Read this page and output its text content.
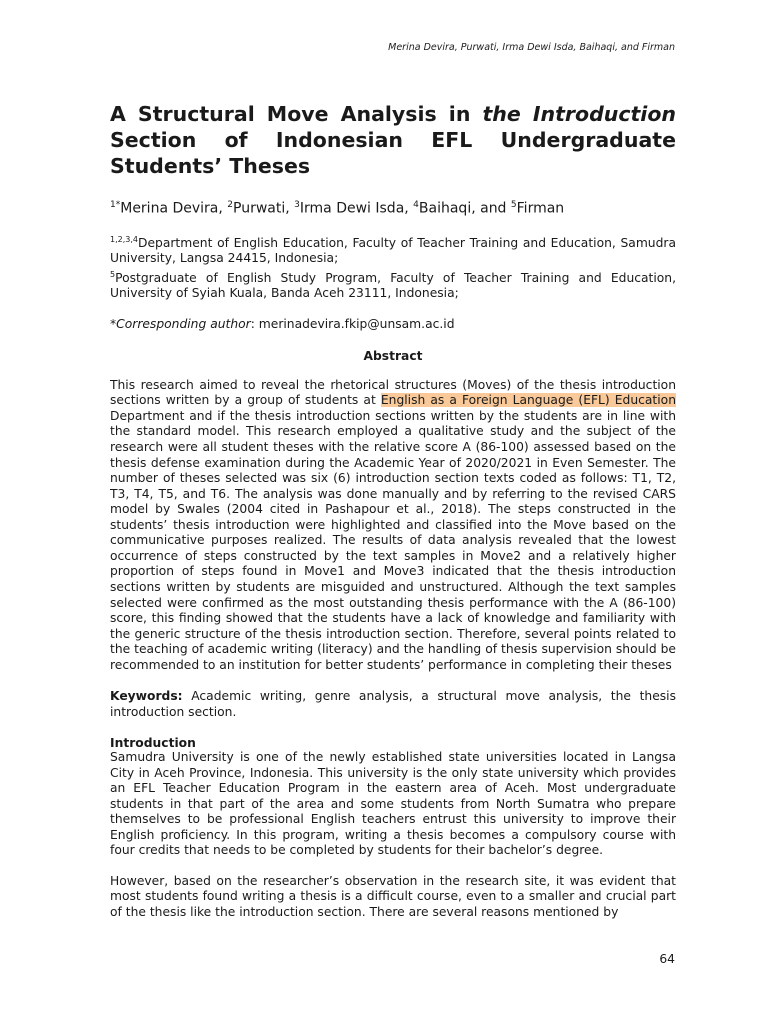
Merina Devira, Purwati, Irma Dewi Isda, Baihaqi, and Firman
A Structural Move Analysis in the Introduction Section of Indonesian EFL Undergraduate Students’ Theses
$^{1*}$Merina Devira, $^2$Purwati, $^3$Irma Dewi Isda, $^4$Baihaqi, and $^5$Firman
$^{1,2,3,4}$Department of English Education, Faculty of Teacher Training and Education, Samudra University, Langsa 24415, Indonesia;
$^5$Postgraduate of English Study Program, Faculty of Teacher Training and Education, University of Syiah Kuala, Banda Aceh 23111, Indonesia;
*Corresponding author: merinadevira.fkip@unsam.ac.id
Abstract

This research aimed to reveal the rhetorical structures (Moves) of the thesis introduction sections written by a group of students at English as a Foreign Language (EFL) Education Department and if the thesis introduction sections written by the students are in line with the standard model. This research employed a qualitative study and the subject of the research were all student theses with the relative score A (86-100) assessed based on the thesis defense examination during the Academic Year of 2020/2021 in Even Semester. The number of theses selected was six (6) introduction section texts coded as follows: T1, T2, T3, T4, T5, and T6. The analysis was done manually and by referring to the revised CARS model by Swales (2004 cited in Pashapour et al., 2018). The steps constructed in the students’ thesis introduction were highlighted and classified into the Move based on the communicative purposes realized. The results of data analysis revealed that the lowest occurrence of steps constructed by the text samples in Move2 and a relatively higher proportion of steps found in Move1 and Move3 indicated that the thesis introduction sections written by students are misguided and unstructured. Although the text samples selected were confirmed as the most outstanding thesis performance with the A (86-100) score, this finding showed that the students have a lack of knowledge and familiarity with the generic structure of the thesis introduction section. Therefore, several points related to the teaching of academic writing (literacy) and the handling of thesis supervision should be recommended to an institution for better students’ performance in completing their theses

Keywords: Academic writing, genre analysis, a structural move analysis, the thesis introduction section.

Introduction

Samudra University is one of the newly established state universities located in Langsa City in Aceh Province, Indonesia. This university is the only state university which provides an EFL Teacher Education Program in the eastern area of Aceh. Most undergraduate students in that part of the area and some students from North Sumatra who prepare themselves to be professional English teachers entrust this university to improve their English proficiency. In this program, writing a thesis becomes a compulsory course with four credits that needs to be completed by students for their bachelor’s degree.

However, based on the researcher’s observation in the research site, it was evident that most students found writing a thesis is a difficult course, even to a smaller and crucial part of the thesis like the introduction section. There are several reasons mentioned by

64
